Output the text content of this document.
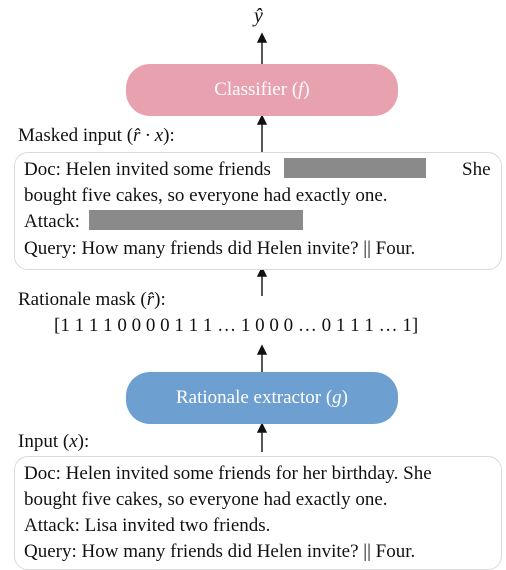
ŷ
Classifier ( f )
Masked input (r̂ · x):
Doc: Helen invited some friends	She
bought five cakes, so everyone had exactly one.
Attack:
Query: How many friends did Helen invite? || Four.
Rationale mask (r̂):
[1 1 1 1 0 0 0 0 1 1 1 … 1 0 0 0 … 0 1 1 1 … 1]
Rationale extractor ( g )
Input (x):
Doc: Helen invited some friends for her birthday. She
bought five cakes, so everyone had exactly one.
Attack: Lisa invited two friends.
Query: How many friends did Helen invite? || Four.
